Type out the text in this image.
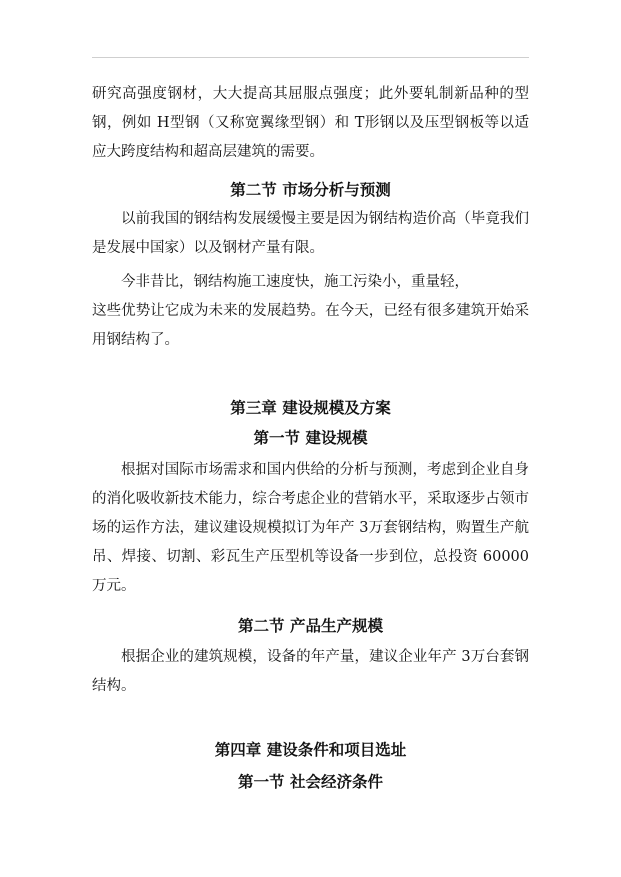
研究高强度钢材，大大提高其屈服点强度；此外要轧制新品种的型钢，例如 H型钢（又称宽翼缘型钢）和 T形钢以及压型钢板等以适应大跨度结构和超高层建筑的需要。

第二节 市场分析与预测

以前我国的钢结构发展缓慢主要是因为钢结构造价高（毕竟我们是发展中国家）以及钢材产量有限。

今非昔比，钢结构施工速度快，施工污染小，重量轻，

这些优势让它成为未来的发展趋势。在今天，已经有很多建筑开始采用钢结构了。

第三章 建设规模及方案
第一节 建设规模

根据对国际市场需求和国内供给的分析与预测，考虑到企业自身的消化吸收新技术能力，综合考虑企业的营销水平，采取逐步占领市场的运作方法，建议建设规模拟订为年产 3万套钢结构，购置生产航吊、焊接、切割、彩瓦生产压型机等设备一步到位，总投资 60000万元。

第二节 产品生产规模

根据企业的建筑规模，设备的年产量，建议企业年产 3万台套钢结构。

第四章 建设条件和项目选址
第一节 社会经济条件
